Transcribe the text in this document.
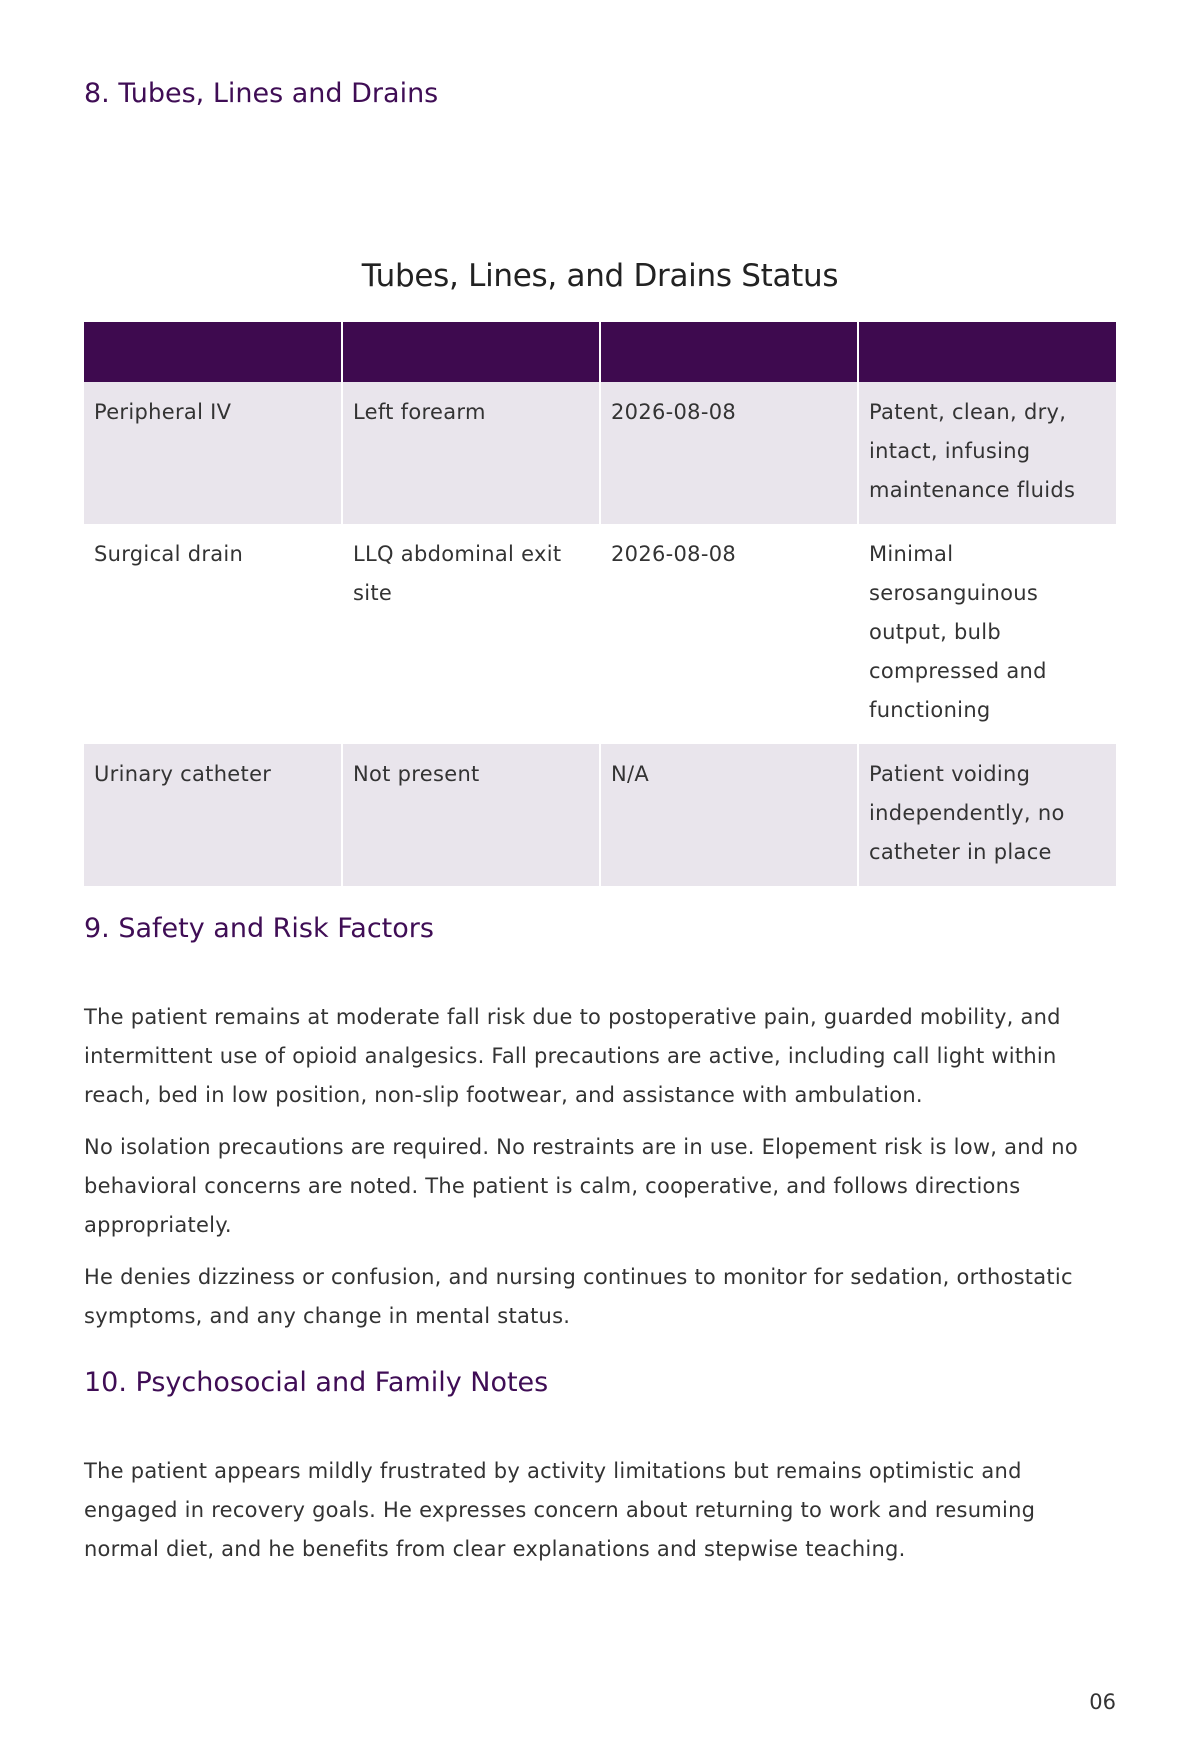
8. Tubes, Lines and Drains
Tubes, Lines, and Drains Status

Peripheral IV	Left forearm	2026-08-08	Patent, clean, dry, intact, infusing maintenance fluids
Surgical drain	LLQ abdominal exit site	2026-08-08	Minimal serosanguinous output, bulb compressed and functioning
Urinary catheter	Not present	N/A	Patient voiding independently, no catheter in place
9. Safety and Risk Factors

The patient remains at moderate fall risk due to postoperative pain, guarded mobility, and intermittent use of opioid analgesics. Fall precautions are active, including call light within reach, bed in low position, non-slip footwear, and assistance with ambulation.

No isolation precautions are required. No restraints are in use. Elopement risk is low, and no behavioral concerns are noted. The patient is calm, cooperative, and follows directions appropriately.

He denies dizziness or confusion, and nursing continues to monitor for sedation, orthostatic symptoms, and any change in mental status.

10. Psychosocial and Family Notes

The patient appears mildly frustrated by activity limitations but remains optimistic and engaged in recovery goals. He expresses concern about returning to work and resuming normal diet, and he benefits from clear explanations and stepwise teaching.

06
